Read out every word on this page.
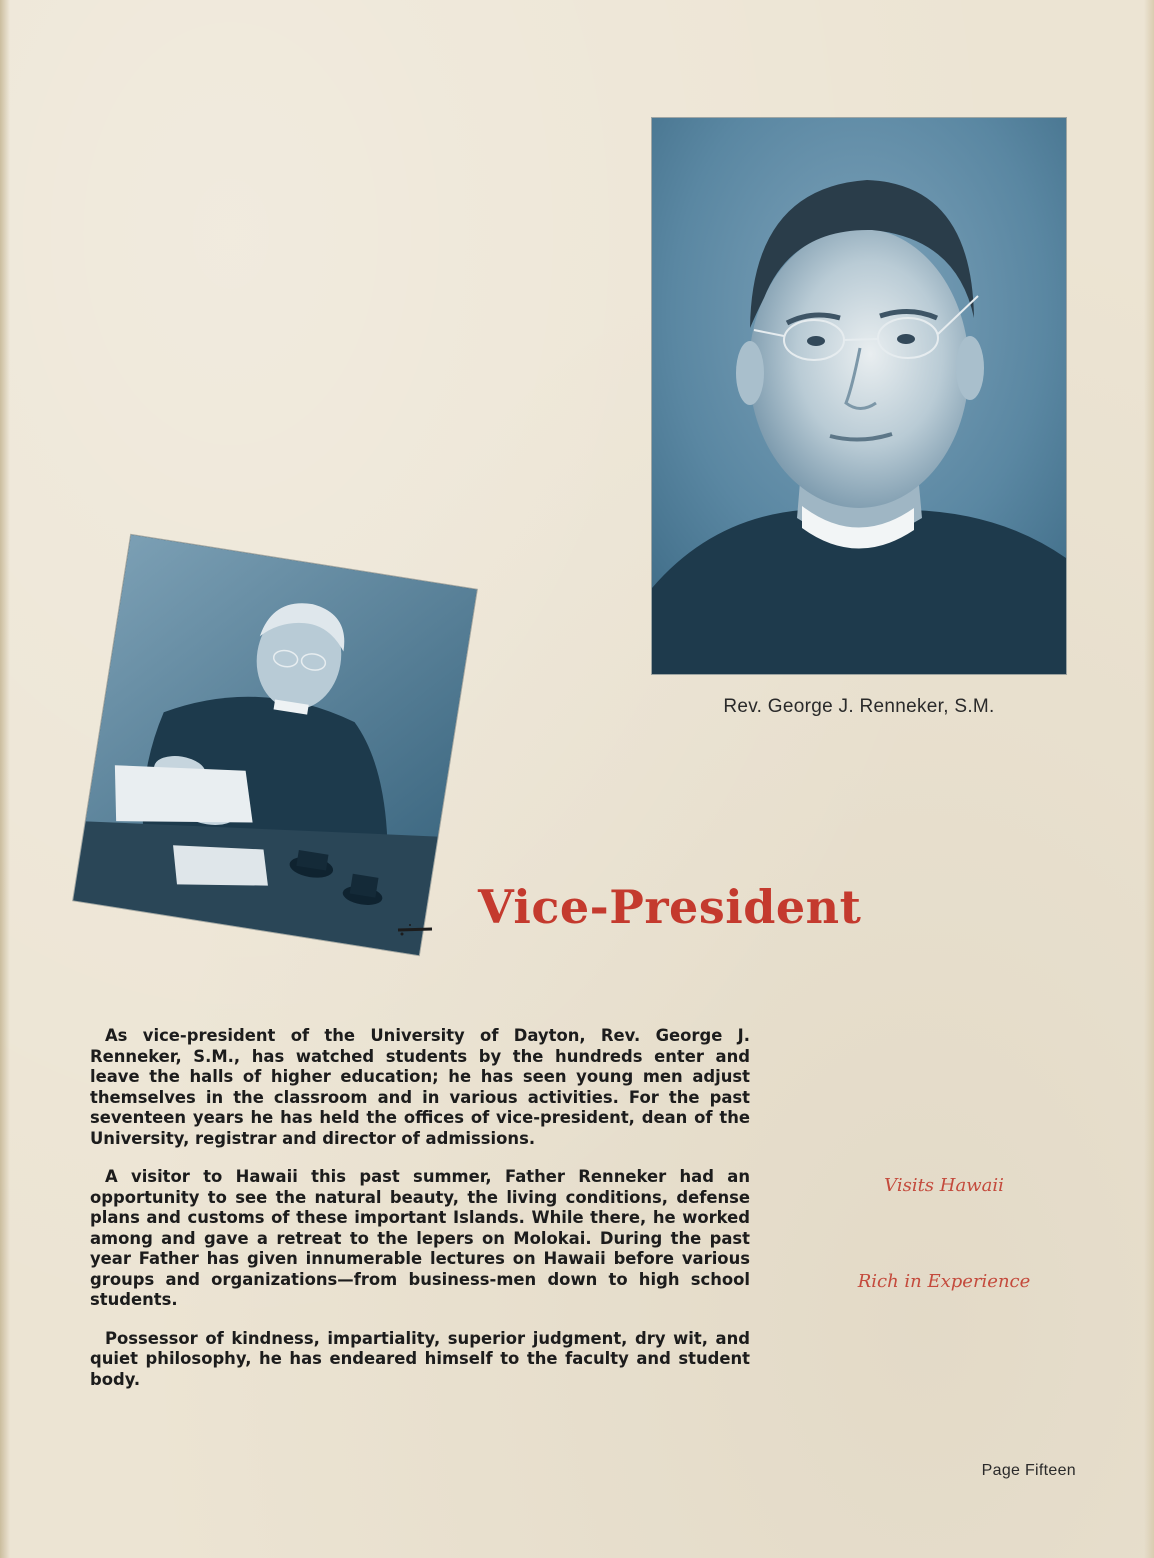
Rev. George J. Renneker, S.M.
Vice-President

As vice-president of the University of Dayton, Rev. George J. Renneker, S.M., has watched students by the hundreds enter and leave the halls of higher education; he has seen young men adjust themselves in the classroom and in various activities. For the past seventeen years he has held the offices of vice-president, dean of the University, registrar and director of admissions.

A visitor to Hawaii this past summer, Father Renneker had an opportunity to see the natural beauty, the living conditions, defense plans and customs of these important Islands. While there, he worked among and gave a retreat to the lepers on Molokai. During the past year Father has given innumerable lectures on Hawaii before various groups and organizations—from business-men down to high school students.

Possessor of kindness, impartiality, superior judgment, dry wit, and quiet philosophy, he has endeared himself to the faculty and student body.

Visits Hawaii
Rich in Experience
Page Fifteen
